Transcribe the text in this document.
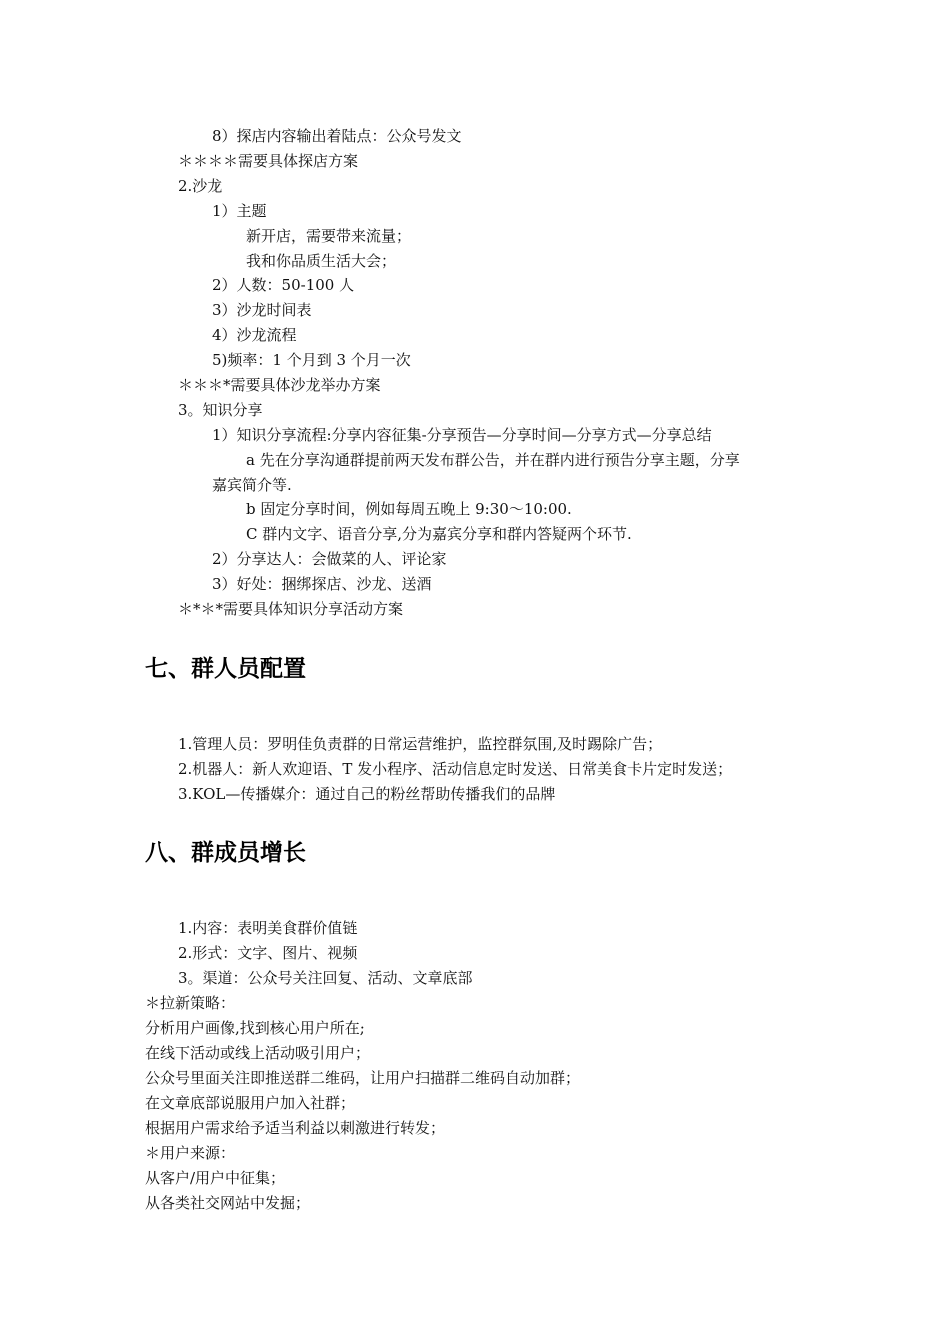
8）探店内容输出着陆点：公众号发文
＊＊＊＊需要具体探店方案
2.沙龙
1）主题
新开店，需要带来流量；
我和你品质生活大会；
2）人数：50-100 人
3）沙龙时间表
4）沙龙流程
5)频率：1 个月到 3 个月一次
＊＊＊*需要具体沙龙举办方案
3。知识分享
1）知识分享流程:分享内容征集-分享预告—分享时间—分享方式—分享总结
a 先在分享沟通群提前两天发布群公告，并在群内进行预告分享主题，分享
嘉宾简介等.
b 固定分享时间，例如每周五晚上 9:30～10:00.
C 群内文字、语音分享,分为嘉宾分享和群内答疑两个环节.
2）分享达人：会做菜的人、评论家
3）好处：捆绑探店、沙龙、送酒
＊*＊*需要具体知识分享活动方案
七、群人员配置
1.管理人员：罗明佳负责群的日常运营维护，监控群氛围,及时踢除广告；
2.机器人：新人欢迎语、T 发小程序、活动信息定时发送、日常美食卡片定时发送；
3.KOL—传播媒介：通过自己的粉丝帮助传播我们的品牌
八、群成员增长
1.内容：表明美食群价值链
2.形式：文字、图片、视频
3。渠道：公众号关注回复、活动、文章底部
＊拉新策略：
分析用户画像,找到核心用户所在;
在线下活动或线上活动吸引用户；
公众号里面关注即推送群二维码，让用户扫描群二维码自动加群；
在文章底部说服用户加入社群；
根据用户需求给予适当利益以刺激进行转发；
＊用户来源：
从客户/用户中征集；
从各类社交网站中发掘；
